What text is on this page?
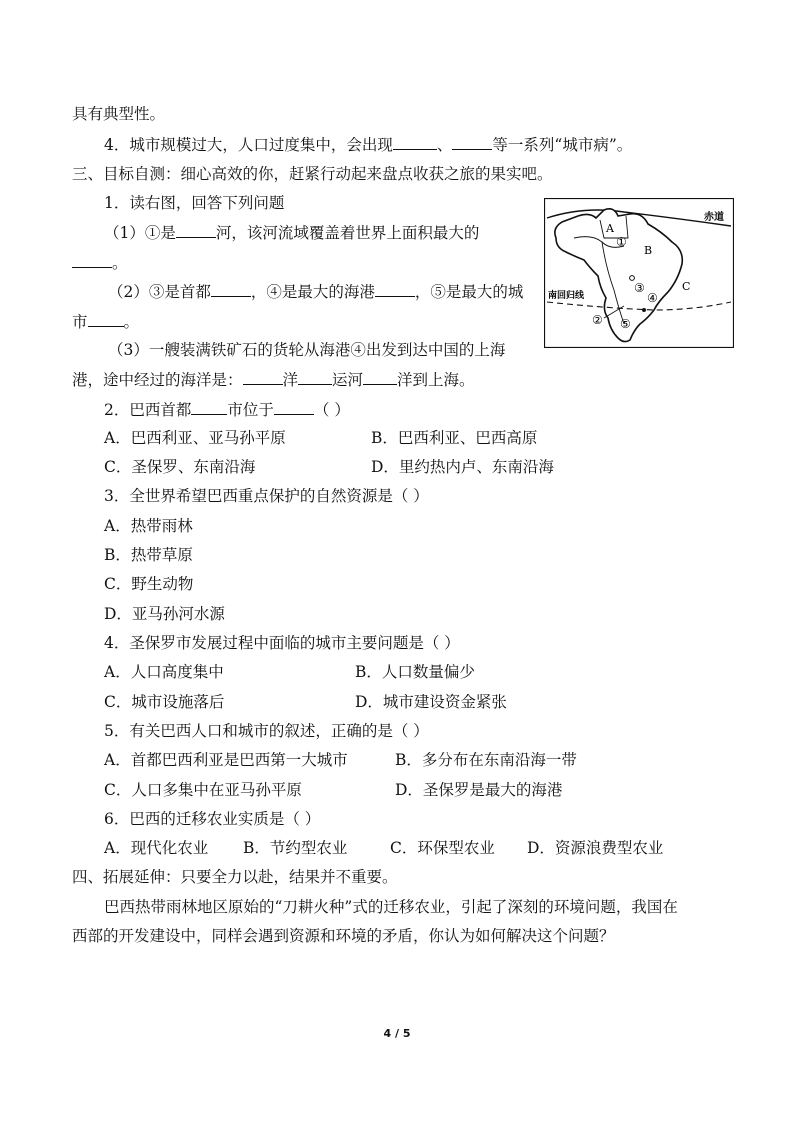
具有典型性。
4．城市规模过大，人口过度集中，会出现	、	等一系列“城市病”。
三、目标自测：细心高效的你，赶紧行动起来盘点收获之旅的果实吧。
1．读右图，回答下列问题
（1）①是	河，该河流域覆盖着世界上面积最大的
。
（2）③是首都	，④是最大的海港	，⑤是最大的城
市 。
（3）一艘装满铁矿石的货轮从海港④出发到达中国的上海
港，途中经过的海洋是：	洋 运河 洋到上海。
赤道
南回归线
A
B
C
①
③
④
② ⑤
2．巴西首都 市位于	（ ）
A．巴西利亚、亚马孙平原	B．巴西利亚、巴西高原
C．圣保罗、东南沿海	D．里约热内卢、东南沿海
3．全世界希望巴西重点保护的自然资源是（ ）
A．热带雨林
B．热带草原
C．野生动物
D．亚马孙河水源
4．圣保罗市发展过程中面临的城市主要问题是（ ）
A．人口高度集中	B．人口数量偏少
C．城市设施落后	D．城市建设资金紧张
5．有关巴西人口和城市的叙述，正确的是（ ）
A．首都巴西利亚是巴西第一大城市	B．多分布在东南沿海一带
C．人口多集中在亚马孙平原	D．圣保罗是最大的海港
6．巴西的迁移农业实质是（ ）
A．现代化农业 B．节约型农业	C．环保型农业 D．资源浪费型农业
四、拓展延伸：只要全力以赴，结果并不重要。
巴西热带雨林地区原始的“刀耕火种”式的迁移农业，引起了深刻的环境问题，我国在
西部的开发建设中，同样会遇到资源和环境的矛盾，你认为如何解决这个问题？
4 / 5
